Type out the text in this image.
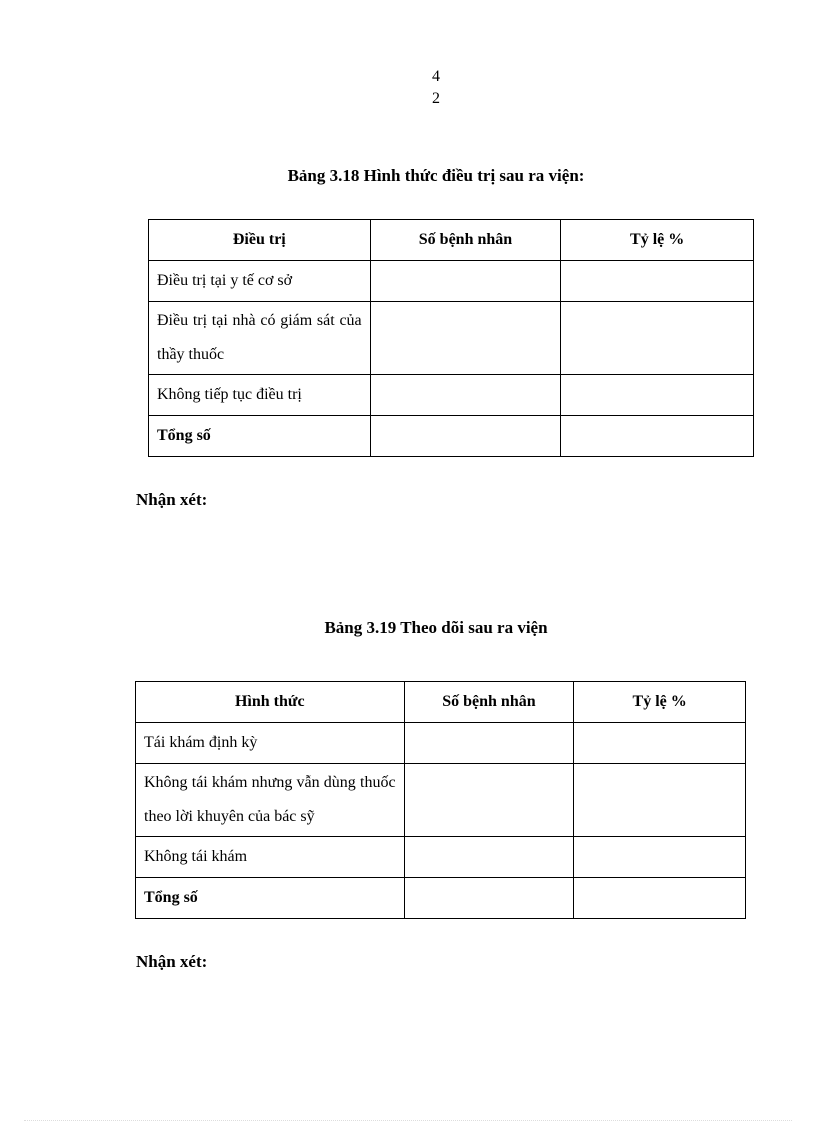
4
2
Bảng 3.18 Hình thức điều trị sau ra viện:
Điều trị	Số bệnh nhân	Tỷ lệ %
Điều trị tại y tế cơ sở		
Điều trị tại nhà có giám sát của thầy thuốc		
Không tiếp tục điều trị		
Tổng số		
Nhận xét:
Bảng 3.19 Theo dõi sau ra viện
Hình thức	Số bệnh nhân	Tỷ lệ %
Tái khám định kỳ		
Không tái khám nhưng vẫn dùng thuốc theo lời khuyên của bác sỹ		
Không tái khám		
Tổng số		
Nhận xét:
